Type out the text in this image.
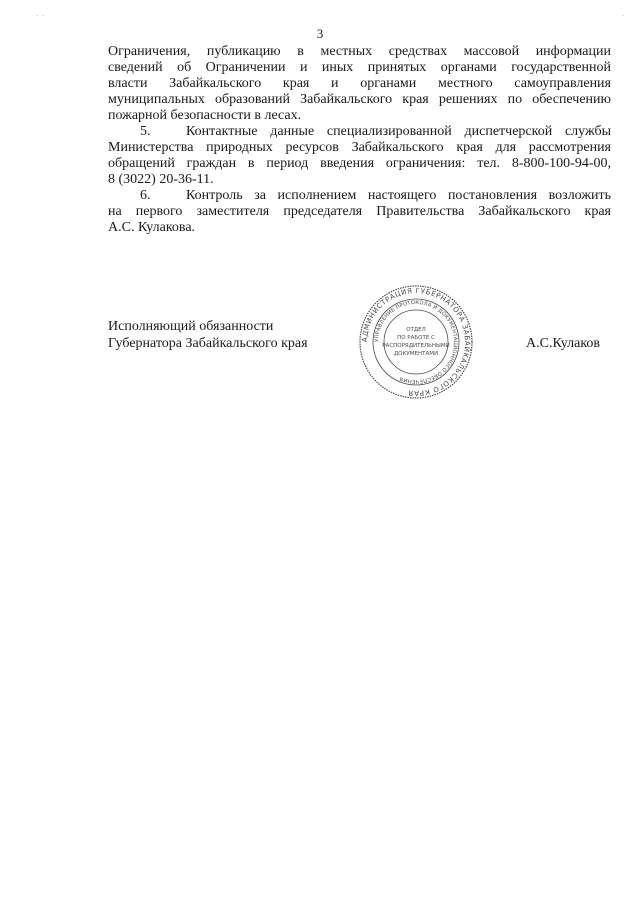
3
Ограничения, публикацию в местных средствах массовой информации
сведений об Ограничении и иных принятых органами государственной
власти Забайкальского края и органами местного самоуправления
муниципальных образований Забайкальского края решениях по обеспечению
пожарной безопасности в лесах.
5.	Контактные данные специализированной диспетчерской службы
Министерства природных ресурсов Забайкальского края для рассмотрения
обращений граждан в период введения ограничения: тел. 8-800-100-94-00,
8 (3022) 20-36-11.
6.	Контроль за исполнением настоящего постановления возложить
на первого заместителя председателя Правительства Забайкальского края
А.С. Кулакова.
Исполняющий обязанности
Губернатора Забайкальского края	АДМИНИСТРАЦИЯ ГУБЕРНАТОРА ЗАБАЙКАЛЬСКОГО КРАЯ
УПРАВЛЕНИЕ ПРОТОКОЛА И ДОКУМЕНТАЦИОННОГО ОБЕСПЕЧЕНИЯ
ОТДЕЛ
ПО РАБОТЕ С
РАСПОРЯДИТЕЛЬНЫМИ
ДОКУМЕНТАМИ
А.С.Кулаков
·  ·	`
